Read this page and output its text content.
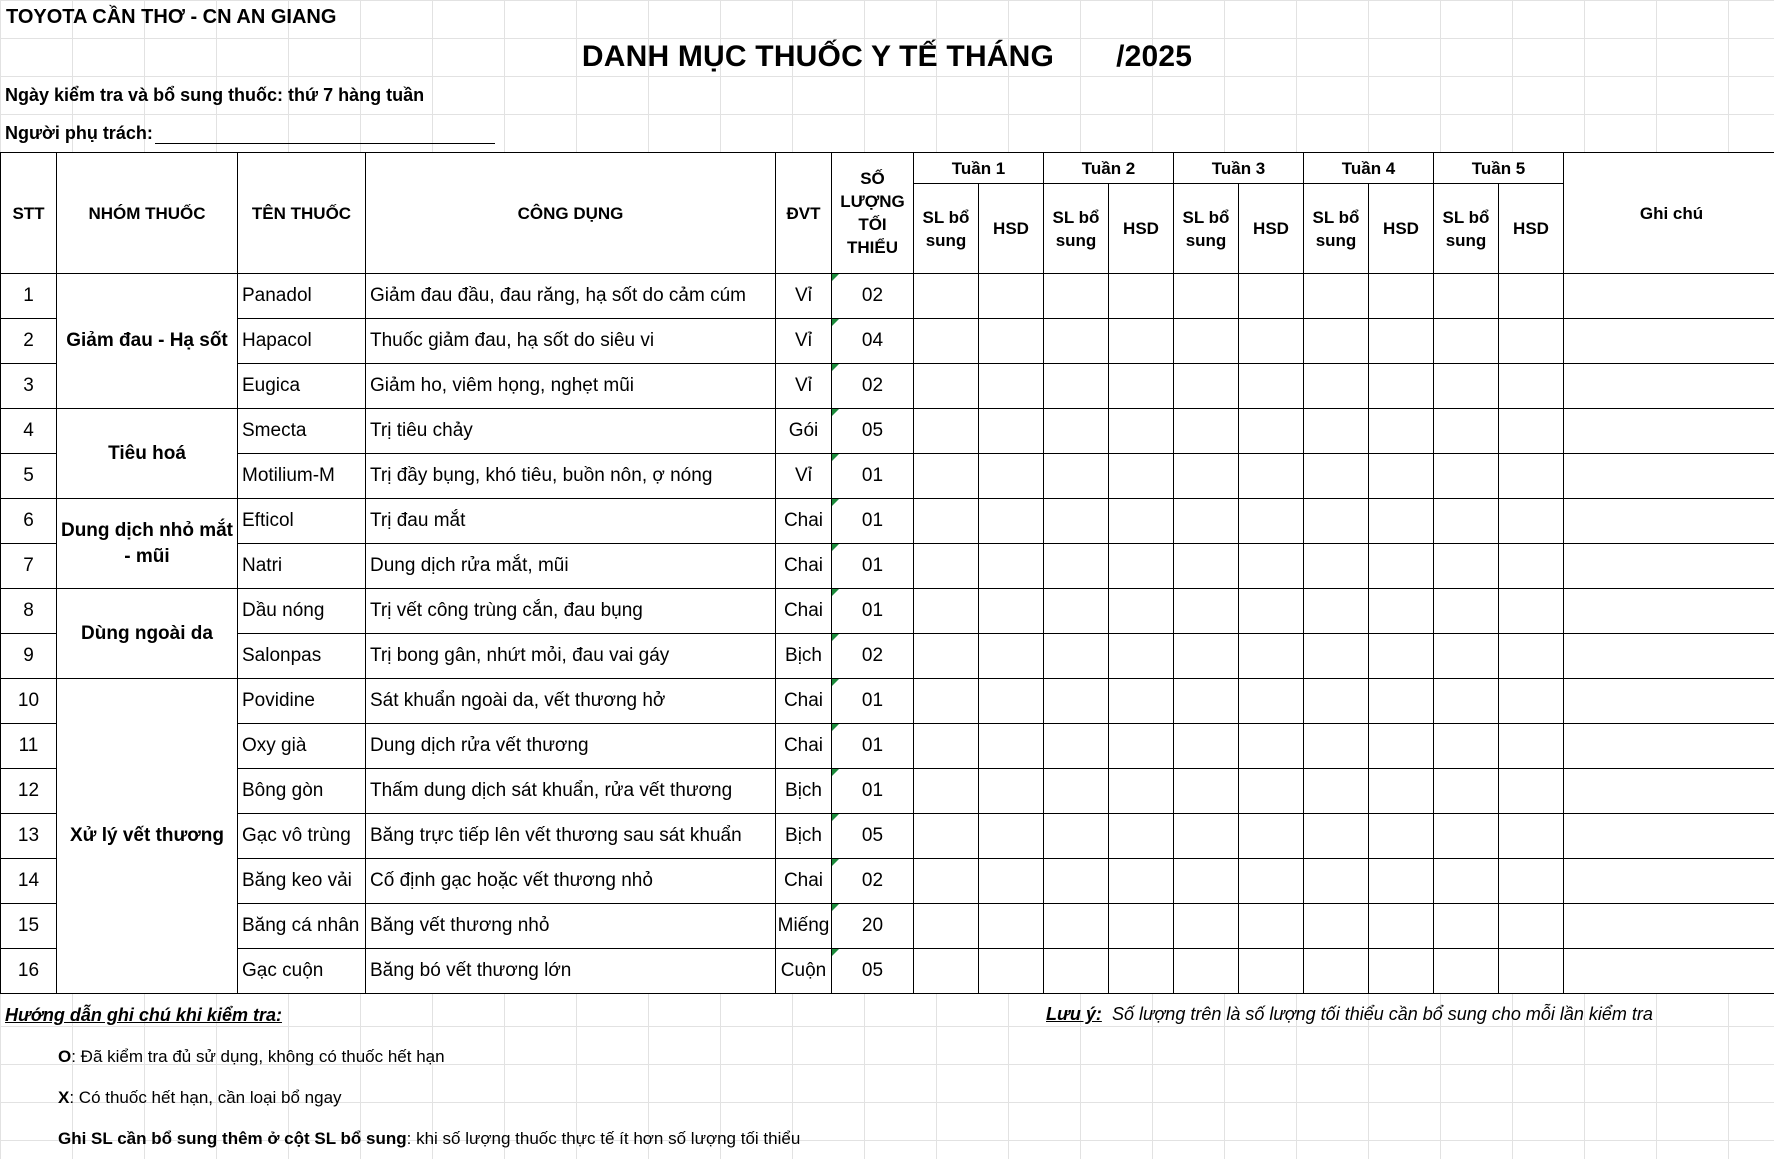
TOYOTA CẦN THƠ - CN AN GIANG
DANH MỤC THUỐC Y TẾ THÁNG /2025
Ngày kiểm tra và bổ sung thuốc: thứ 7 hàng tuần
Người phụ trách:
STT	NHÓM THUỐC	TÊN THUỐC	CÔNG DỤNG	ĐVT	SỐ LƯỢNG TỐI THIỂU	Tuần 1		Tuần 2		Tuần 3		Tuần 4		Tuần 5		Ghi chú
						SL bổ sung	HSD	SL bổ sung	HSD	SL bổ sung	HSD	SL bổ sung	HSD	SL bổ sung	HSD	
1	Giảm đau - Hạ sốt	Panadol	Giảm đau đầu, đau răng, hạ sốt do cảm cúm	Vỉ	02											
2		Hapacol	Thuốc giảm đau, hạ sốt do siêu vi	Vỉ	04											
3		Eugica	Giảm ho, viêm họng, nghẹt mũi	Vỉ	02											
4	Tiêu hoá	Smecta	Trị tiêu chảy	Gói	05											
5		Motilium-M	Trị đầy bụng, khó tiêu, buồn nôn, ợ nóng	Vỉ	01											
6	Dung dịch nhỏ mắt - mũi	Efticol	Trị đau mắt	Chai	01											
7		Natri	Dung dịch rửa mắt, mũi	Chai	01											
8	Dùng ngoài da	Dầu nóng	Trị vết công trùng cắn, đau bụng	Chai	01											
9		Salonpas	Trị bong gân, nhứt mỏi, đau vai gáy	Bịch	02											
10	Xử lý vết thương	Povidine	Sát khuẩn ngoài da, vết thương hở	Chai	01											
11		Oxy già	Dung dịch rửa vết thương	Chai	01											
12		Bông gòn	Thấm dung dịch sát khuẩn, rửa vết thương	Bịch	01											
13		Gạc vô trùng	Băng trực tiếp lên vết thương sau sát khuẩn	Bịch	05											
14		Băng keo vải	Cố định gạc hoặc vết thương nhỏ	Chai	02											
15		Băng cá nhân	Băng vết thương nhỏ	Miếng	20											
16		Gạc cuộn	Băng bó vết thương lớn	Cuộn	05											
Hướng dẫn ghi chú khi kiểm tra:	Lưu ý: Số lượng trên là số lượng tối thiểu cần bổ sung cho mỗi lần kiểm tra
O: Đã kiểm tra đủ sử dụng, không có thuốc hết hạn
X: Có thuốc hết hạn, cần loại bổ ngay
Ghi SL cần bổ sung thêm ở cột SL bổ sung: khi số lượng thuốc thực tế ít hơn số lượng tối thiểu
